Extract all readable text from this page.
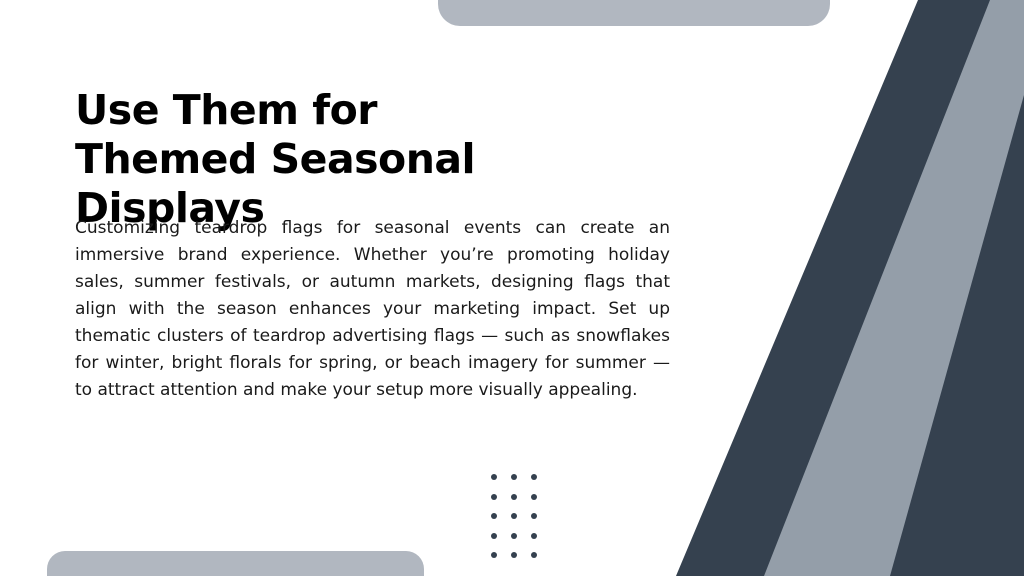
Use Them for Themed Seasonal Displays

Customizing teardrop flags for seasonal events can create an immersive brand experience. Whether you’re promoting holiday sales, summer festivals, or autumn markets, designing flags that align with the season enhances your marketing impact. Set up thematic clusters of teardrop advertising flags — such as snowflakes for winter, bright florals for spring, or beach imagery for summer — to attract attention and make your setup more visually appealing.
